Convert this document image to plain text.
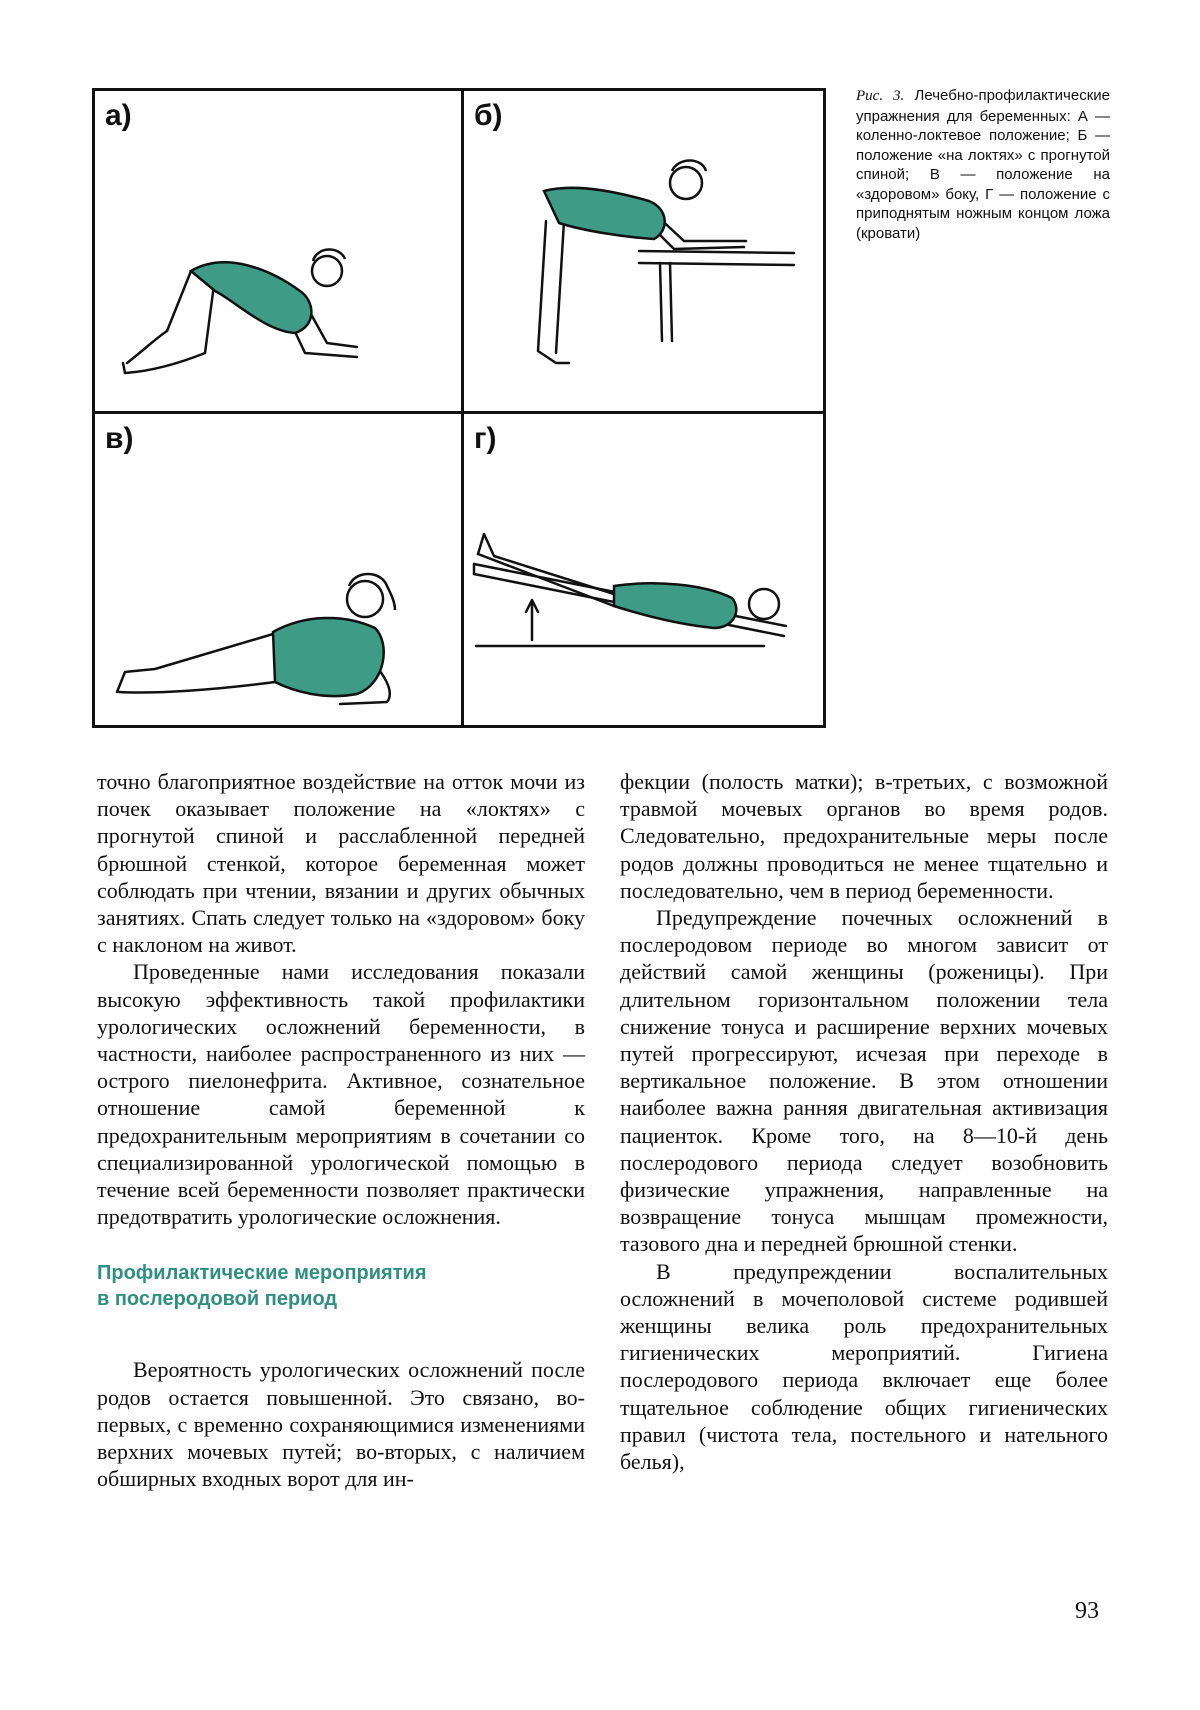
а)	б)
в)	г)
Рис. 3. Лечебно-профилактические упражнения для беременных: А — коленно-локтевое положение; Б — положение «на локтях» с прогнутой спиной; В — положение на «здоровом» боку, Г — положение с приподнятым ножным концом ложа (кровати)

точно благоприятное воздействие на отток мочи из почек оказывает положение на «локтях» с прогнутой спиной и расслабленной передней брюшной стенкой, которое беременная может соблюдать при чтении, вязании и других обычных занятиях. Спать следует только на «здоровом» боку с наклоном на живот.

Проведенные нами исследования показали высокую эффективность такой профилактики урологических осложнений беременности, в частности, наиболее распространенного из них — острого пиелонефрита. Активное, сознательное отношение самой беременной к предохранительным мероприятиям в сочетании со специализированной урологической помощью в течение всей беременности позволяет практически предотвратить урологические осложнения.

Профилактические мероприятия
в послеродовой период

Вероятность урологических осложнений после родов остается повышенной. Это связано, во-первых, с временно сохраняющимися изменениями верхних мочевых путей; во-вторых, с наличием обширных входных ворот для ин-

фекции (полость матки); в-третьих, с возможной травмой мочевых органов во время родов. Следовательно, предохранительные меры после родов должны проводиться не менее тщательно и последовательно, чем в период беременности.

Предупреждение почечных осложнений в послеродовом периоде во многом зависит от действий самой женщины (роженицы). При длительном горизонтальном положении тела снижение тонуса и расширение верхних мочевых путей прогрессируют, исчезая при переходе в вертикальное положение. В этом отношении наиболее важна ранняя двигательная активизация пациенток. Кроме того, на 8—10-й день послеродового периода следует возобновить физические упражнения, направленные на возвращение тонуса мышцам промежности, тазового дна и передней брюшной стенки.

В предупреждении воспалительных осложнений в мочеполовой системе родившей женщины велика роль предохранительных гигиенических мероприятий. Гигиена послеродового периода включает еще более тщательное соблюдение общих гигиенических правил (чистота тела, постельного и нательного белья),

93
